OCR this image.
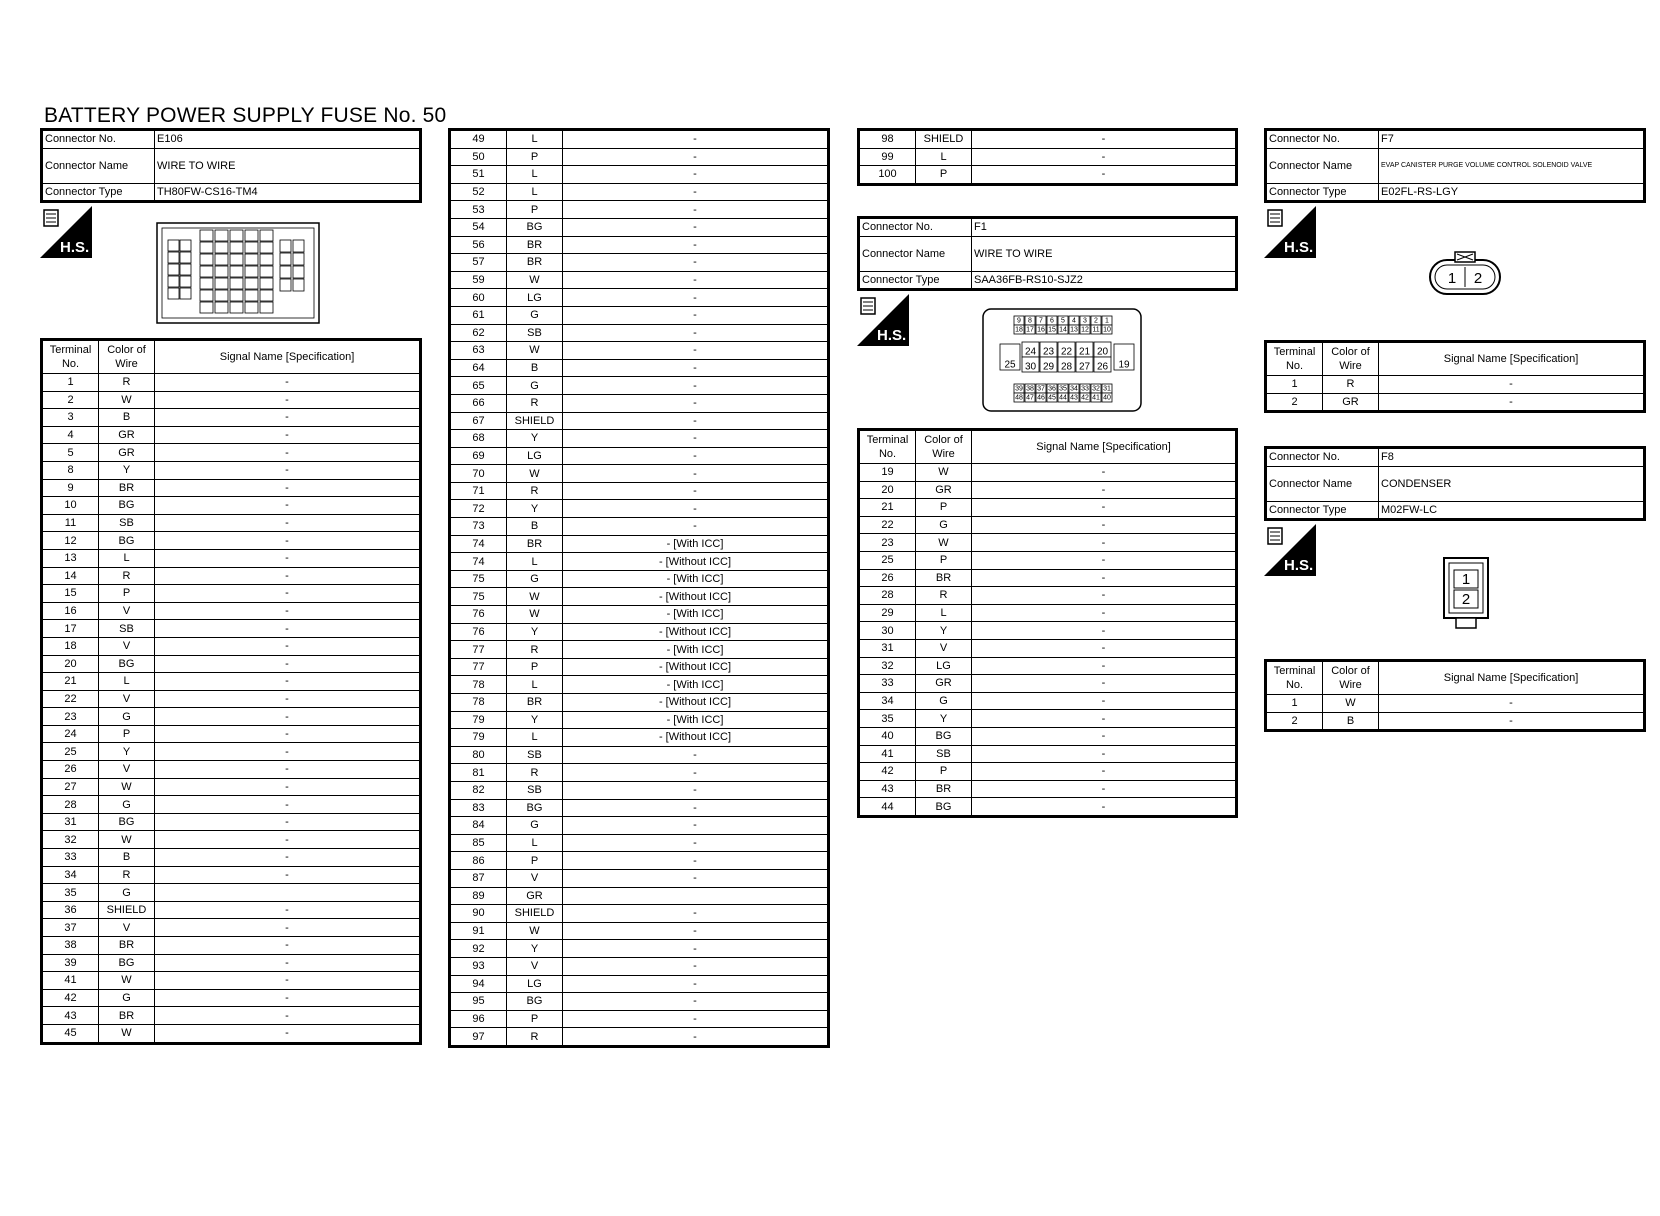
BATTERY POWER SUPPLY FUSE No. 50
Connector No.	E106
Connector Name	WIRE TO WIRE
Connector Type	TH80FW-CS16-TM4
H.S.
Terminal No.	Color of Wire	Signal Name [Specification]
1	R	-
2	W	-
3	B	-
4	GR	-
5	GR	-
8	Y	-
9	BR	-
10	BG	-
11	SB	-
12	BG	-
13	L	-
14	R	-
15	P	-
16	V	-
17	SB	-
18	V	-
20	BG	-
21	L	-
22	V	-
23	G	-
24	P	-
25	Y	-
26	V	-
27	W	-
28	G	-
31	BG	-
32	W	-
33	B	-
34	R	-
35	G	
36	SHIELD	-
37	V	-
38	BR	-
39	BG	-
41	W	-
42	G	-
43	BR	-
45	W	-
49	L	-
50	P	-
51	L	-
52	L	-
53	P	-
54	BG	-
56	BR	-
57	BR	-
59	W	-
60	LG	-
61	G	-
62	SB	-
63	W	-
64	B	-
65	G	-
66	R	-
67	SHIELD	-
68	Y	-
69	LG	-
70	W	-
71	R	-
72	Y	-
73	B	-
74	BR	- [With ICC]
74	L	- [Without ICC]
75	G	- [With ICC]
75	W	- [Without ICC]
76	W	- [With ICC]
76	Y	- [Without ICC]
77	R	- [With ICC]
77	P	- [Without ICC]
78	L	- [With ICC]
78	BR	- [Without ICC]
79	Y	- [With ICC]
79	L	- [Without ICC]
80	SB	-
81	R	-
82	SB	-
83	BG	-
84	G	-
85	L	-
86	P	-
87	V	-
89	GR	
90	SHIELD	-
91	W	-
92	Y	-
93	V	-
94	LG	-
95	BG	-
96	P	-
97	R	-
98	SHIELD	-
99	L	-
100	P	-
Connector No.	F1
Connector Name	WIRE TO WIRE
Connector Type	SAA36FB-RS10-SJZ2
H.S.
9 8 7 6 5 4 3 2 1
18 17 16 15 14 13 12 11 10
24 23 22 21 20
30 29 28 27 26
25	19
39 38 37 36 35 34 33 32 31
48 47 46 45 44 43 42 41 40
Terminal No.	Color of Wire	Signal Name [Specification]
19	W	-
20	GR	-
21	P	-
22	G	-
23	W	-
25	P	-
26	BR	-
28	R	-
29	L	-
30	Y	-
31	V	-
32	LG	-
33	GR	-
34	G	-
35	Y	-
40	BG	-
41	SB	-
42	P	-
43	BR	-
44	BG	-
Connector No.	F7
Connector Name	EVAP CANISTER PURGE VOLUME CONTROL SOLENOID VALVE
Connector Type	E02FL-RS-LGY
H.S.
1 2
Terminal No.	Color of Wire	Signal Name [Specification]
1	R	-
2	GR	-
Connector No.	F8
Connector Name	CONDENSER
Connector Type	M02FW-LC
H.S.
1
2
Terminal No.	Color of Wire	Signal Name [Specification]
1	W	-
2	B	-
